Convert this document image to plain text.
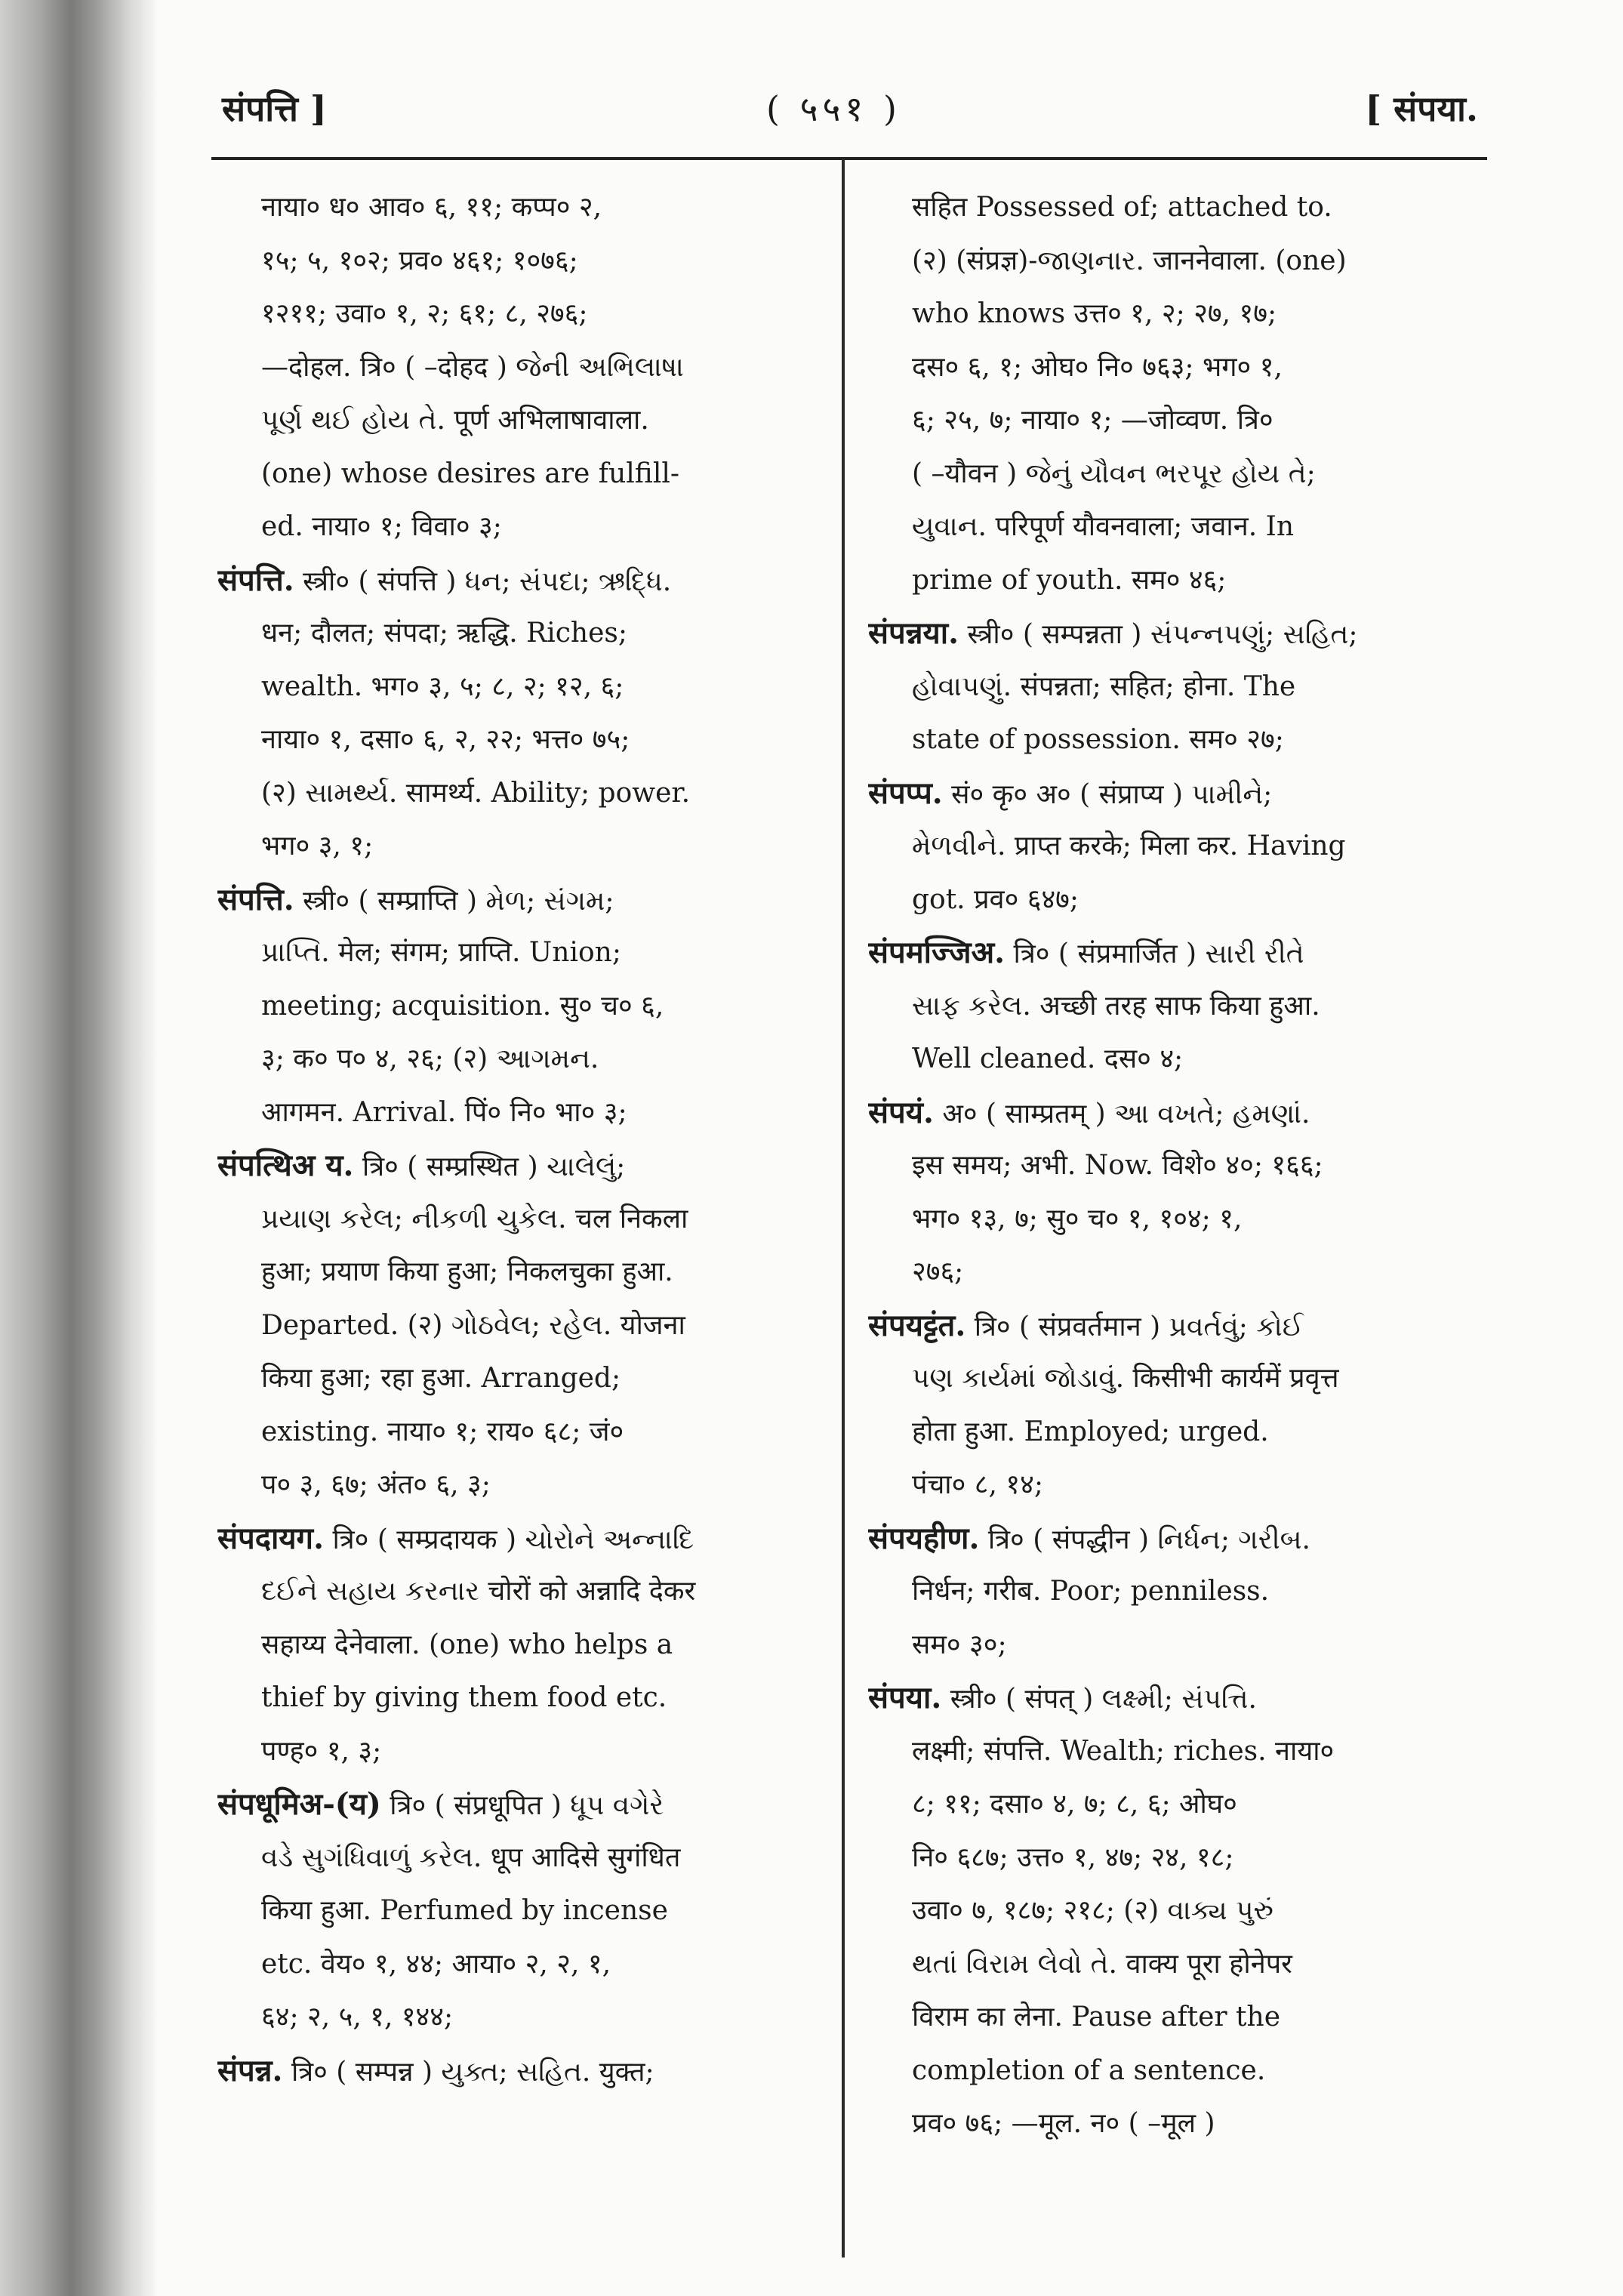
संपत्ति ]	( ५५१ )	[ संपया.
नाया० ध० आव० ६, ११; कप्प० २,
१५; ५, १०२; प्रव० ४६१; १०७६;
१२११; उवा० १, २; ६१; ८, २७६;
—दोहल. त्रि० ( –दोहद ) જેની અભિલાષા
પૂર્ણ થઈ હોય તે. पूर्ण अभिलाषावाला.
(one) whose desires are fulfill-
ed. नाया० १; विवा० ३;
संपत्ति. स्त्री० ( संपत्ति ) ધન; સંપદા; ઋદ્ધિ.
धन; दौलत; संपदा; ऋद्धि. Riches;
wealth. भग० ३, ५; ८, २; १२, ६;
नाया० १, दसा० ६, २, २२; भत्त० ७५;
(२) સામર્થ્ય. सामर्थ्य. Ability; power.
भग० ३, १;
संपत्ति. स्त्री० ( सम्प्राप्ति ) મેળ; સંગમ;
પ્રાપ્તિ. मेल; संगम; प्राप्ति. Union;
meeting; acquisition. सु० च० ६,
३; क० प० ४, २६; (२) આગમન.
आगमन. Arrival. पिं० नि० भा० ३;
संपत्थिअ य. त्रि० ( सम्प्रस्थित ) ચાલેલું;
પ્રયાણ કરેલ; નીકળી ચુકેલ. चल निकला
हुआ; प्रयाण किया हुआ; निकलचुका हुआ.
Departed. (२) ગોઠવેલ; રહેલ. योजना
किया हुआ; रहा हुआ. Arranged;
existing. नाया० १; राय० ६८; जं०
प० ३, ६७; अंत० ६, ३;
संपदायग. त्रि० ( सम्प्रदायक ) ચોરોને અન્નાદિ
દઈને સહાય કરનાર चोरों को अन्नादि देकर
सहाय्य देनेवाला. (one) who helps a
thief by giving them food etc.
पण्ह० १, ३;
संपधूमिअ-(य) त्रि० ( संप्रधूपित ) ધૂપ વગેરે
વડે સુગંધિવાળું કરેલ. धूप आदिसे सुगंधित
किया हुआ. Perfumed by incense
etc. वेय० १, ४४; आया० २, २, १,
६४; २, ५, १, १४४;
संपन्न. त्रि० ( सम्पन्न ) યુક્ત; સહિત. युक्त;
सहित Possessed of; attached to.
(२) (संप्रज्ञ)-જાણનાર. जाननेवाला. (one)
who knows उत्त० १, २; २७, १७;
दस० ६, १; ओघ० नि० ७६३; भग० १,
६; २५, ७; नाया० १; —जोव्वण. त्रि०
( –यौवन ) જેનું યૌવન ભરપૂર હોય તે;
યુવાન. परिपूर्ण यौवनवाला; जवान. In
prime of youth. सम० ४६;
संपन्नया. स्त्री० ( सम्पन्नता ) સંપન્નપણું; સહિત;
હોવાપણું. संपन्नता; सहित; होना. The
state of possession. सम० २७;
संपप्प. सं० कृ० अ० ( संप्राप्य ) પામીને;
મેળવીને. प्राप्त करके; मिला कर. Having
got. प्रव० ६४७;
संपमज्जिअ. त्रि० ( संप्रमार्जित ) સારી રીતે
સાફ કરેલ. अच्छी तरह साफ किया हुआ.
Well cleaned. दस० ४;
संपयं. अ० ( साम्प्रतम् ) આ વખતે; હમણાં.
इस समय; अभी. Now. विशे० ४०; १६६;
भग० १३, ७; सु० च० १, १०४; १,
२७६;
संपयट्टंत. त्रि० ( संप्रवर्तमान ) પ્રવર્તવું; કોઈ
પણ કાર્યમાં જોડાવું. किसीभी कार्यमें प्रवृत्त
होता हुआ. Employed; urged.
पंचा० ८, १४;
संपयहीण. त्रि० ( संपद्धीन ) નિર્ધન; ગરીબ.
निर्धन; गरीब. Poor; penniless.
सम० ३०;
संपया. स्त्री० ( संपत् ) લક્ષ્મી; સંપત્તિ.
लक्ष्मी; संपत्ति. Wealth; riches. नाया०
८; ११; दसा० ४, ७; ८, ६; ओघ०
नि० ६८७; उत्त० १, ४७; २४, १८;
उवा० ७, १८७; २१८; (२) વાક્ય પુરું
થતાં વિરામ લેવો તે. वाक्य पूरा होनेपर
विराम का लेना. Pause after the
completion of a sentence.
प्रव० ७६; —मूल. न० ( –मूल )
